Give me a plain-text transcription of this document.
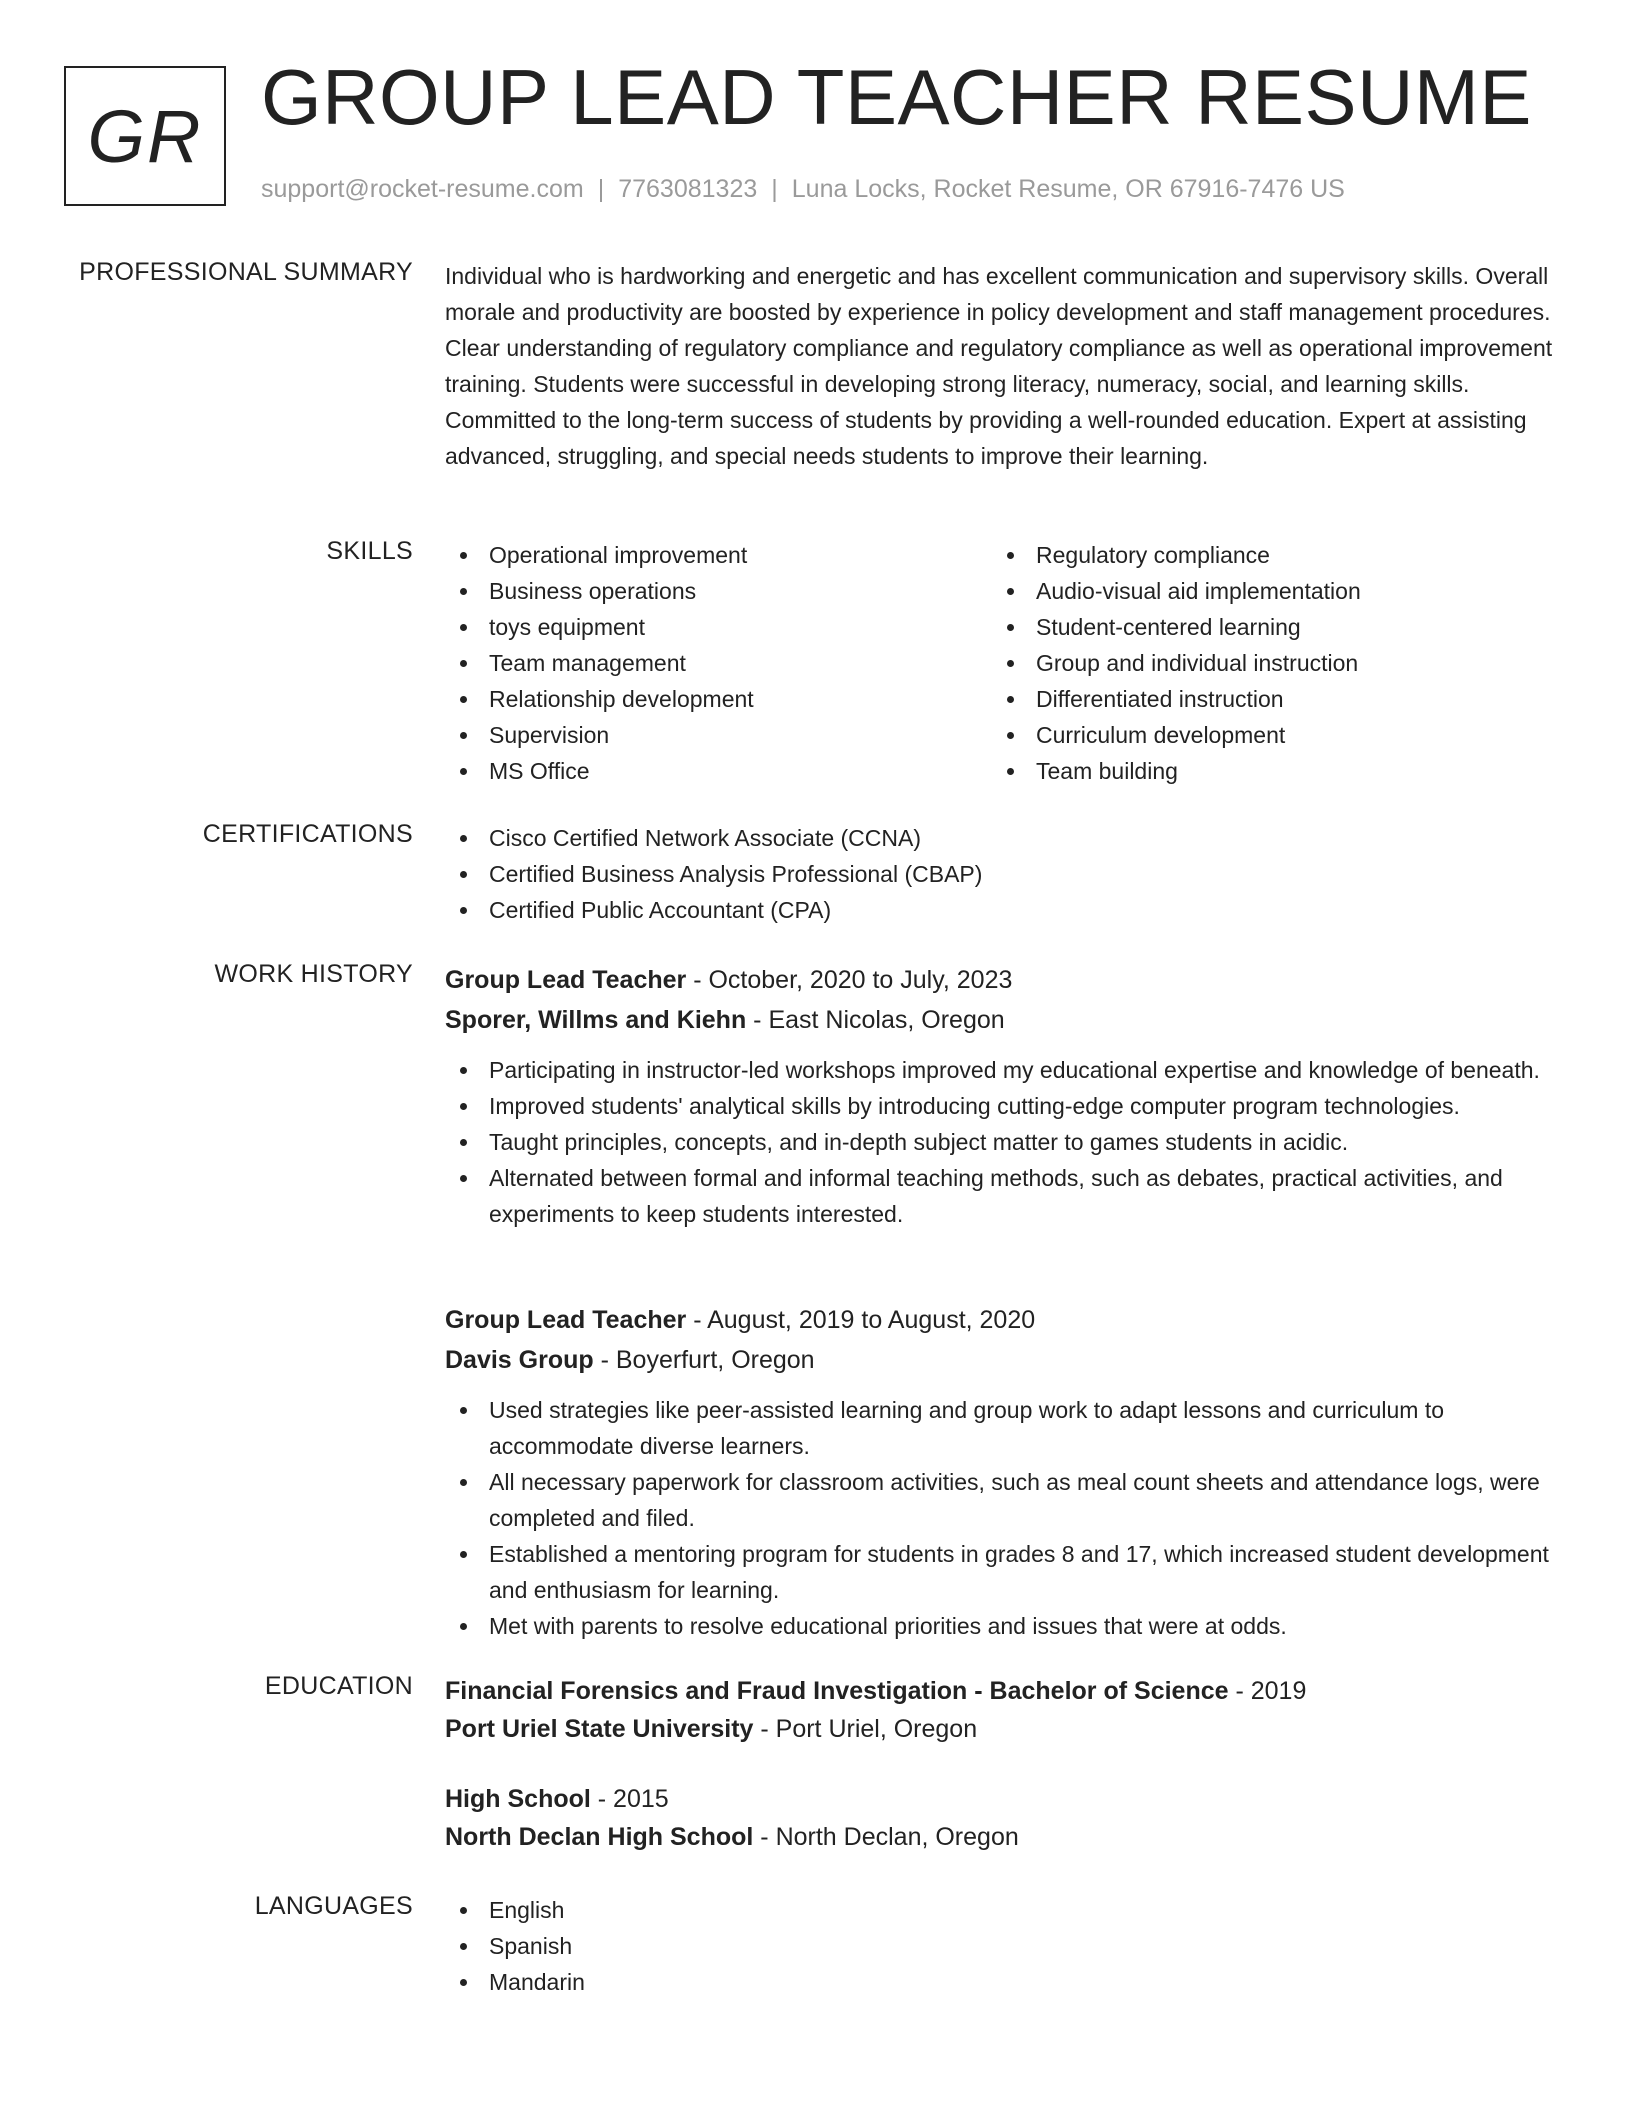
GR GROUP LEAD TEACHER RESUME
support@rocket-resume.com | 7763081323 | Luna Locks, Rocket Resume, OR 67916-7476 US
PROFESSIONAL SUMMARY Individual who is hardworking and energetic and has excellent communication and supervisory skills. Overall morale and productivity are boosted by experience in policy development and staff management procedures. Clear understanding of regulatory compliance and regulatory compliance as well as operational improvement training. Students were successful in developing strong literacy, numeracy, social, and learning skills. Committed to the long-term success of students by providing a well-rounded education. Expert at assisting advanced, struggling, and special needs students to improve their learning.

SKILLS	Operational improvement
Business operations
toys equipment
Team management
Relationship development
Supervision
MS Office
Regulatory compliance
Audio-visual aid implementation
Student-centered learning
Group and individual instruction
Differentiated instruction
Curriculum development
Team building
CERTIFICATIONS	Cisco Certified Network Associate (CCNA)
Certified Business Analysis Professional (CBAP)
Certified Public Accountant (CPA)
WORK HISTORY Group Lead Teacher - October, 2020 to July, 2023
Sporer, Willms and Kiehn - East Nicolas, Oregon
Participating in instructor-led workshops improved my educational expertise and knowledge of beneath.
Improved students' analytical skills by introducing cutting-edge computer program technologies.
Taught principles, concepts, and in-depth subject matter to games students in acidic.
Alternated between formal and informal teaching methods, such as debates, practical activities, and experiments to keep students interested.
Group Lead Teacher - August, 2019 to August, 2020
Davis Group - Boyerfurt, Oregon
Used strategies like peer-assisted learning and group work to adapt lessons and curriculum to accommodate diverse learners.
All necessary paperwork for classroom activities, such as meal count sheets and attendance logs, were completed and filed.
Established a mentoring program for students in grades 8 and 17, which increased student development and enthusiasm for learning.
Met with parents to resolve educational priorities and issues that were at odds.
EDUCATION Financial Forensics and Fraud Investigation - Bachelor of Science - 2019
Port Uriel State University - Port Uriel, Oregon
High School - 2015
North Declan High School - North Declan, Oregon
LANGUAGES	English
Spanish
Mandarin
